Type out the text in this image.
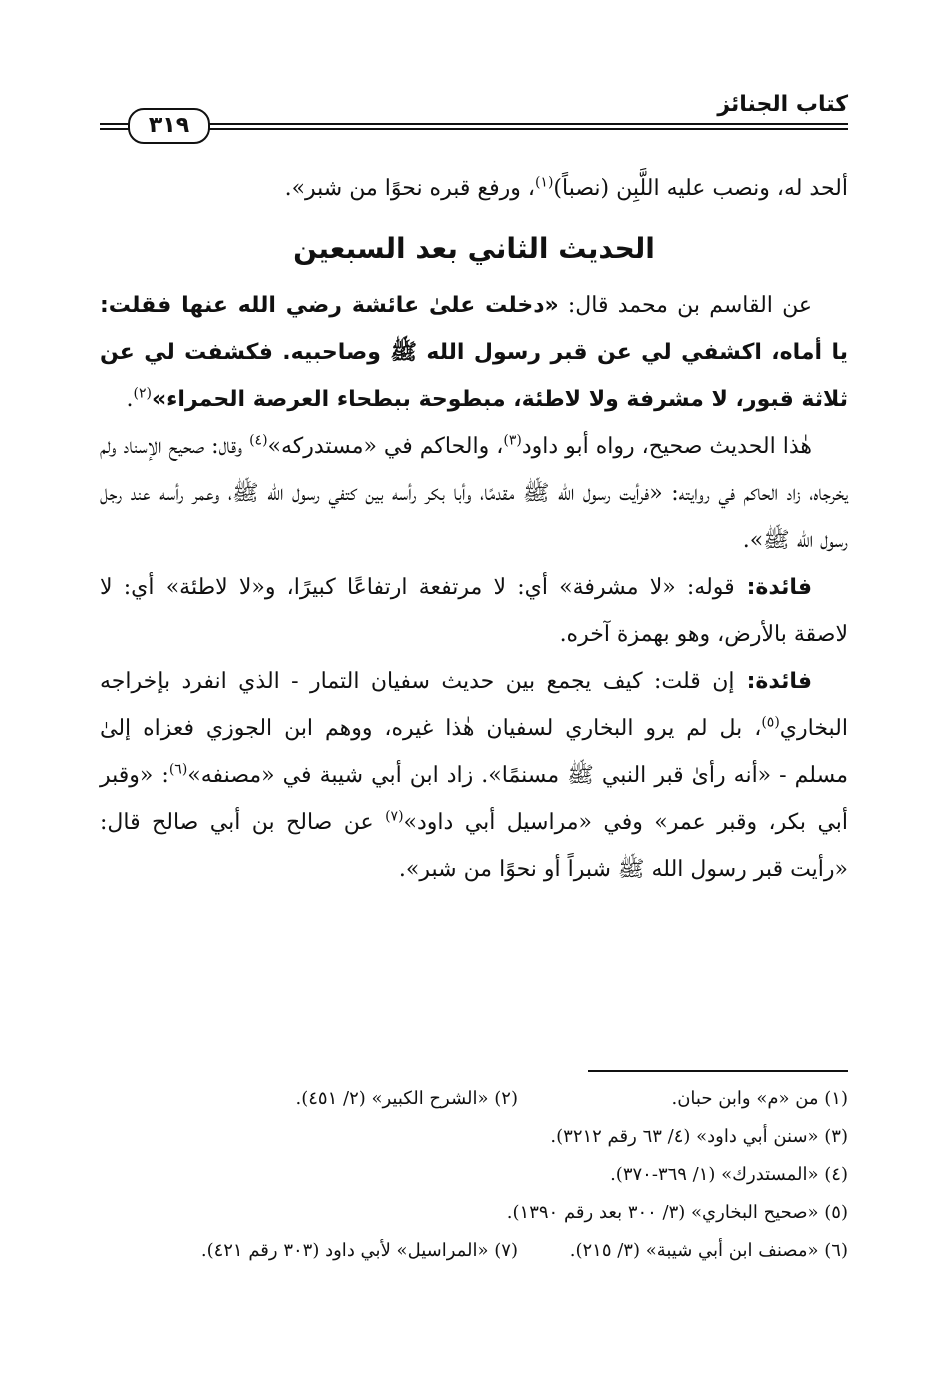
كتاب الجنائز
٣١٩

ألحد له، ونصب عليه اللَّبِن (نصباً)$^{(١)}$، ورفع قبره نحوًا من شبر».

الحديث الثاني بعد السبعين

عن القاسم بن محمد قال: «دخلت علىٰ عائشة رضي الله عنها فقلت: يا أماه، اكشفي لي عن قبر رسول الله ﷺ وصاحبيه. فكشفت لي عن ثلاثة قبور، لا مشرفة ولا لاطئة، مبطوحة ببطحاء العرصة الحمراء»$^{(٢)}$.

هٰذا الحديث صحيح، رواه أبو داود$^{(٣)}$، والحاكم في «مستدركه»$^{(٤)}$ وقال: صحيح الإسناد ولم يخرجاه، زاد الحاكم في روايته: «فرأيت رسول الله ﷺ مقدمًا، وأبا بكر رأسه بين كتفي رسول الله ﷺ، وعمر رأسه عند رجل رسول الله ﷺ».

فائدة: قوله: «لا مشرفة» أي: لا مرتفعة ارتفاعًا كبيرًا، و«لا لاطئة» أي: لا لاصقة بالأرض، وهو بهمزة آخره.

فائدة: إن قلت: كيف يجمع بين حديث سفيان التمار - الذي انفرد بإخراجه البخاري$^{(٥)}$، بل لم يرو البخاري لسفيان هٰذا غيره، ووهم ابن الجوزي فعزاه إلىٰ مسلم - «أنه رأىٰ قبر النبي ﷺ مسنمًا». زاد ابن أبي شيبة في «مصنفه»$^{(٦)}$: «وقبر أبي بكر، وقبر عمر» وفي «مراسيل أبي داود»$^{(٧)}$ عن صالح بن أبي صالح قال: «رأيت قبر رسول الله ﷺ شبراً أو نحوًا من شبر».

(١) من «م» وابن حبان.
(٢) «الشرح الكبير» (٢/ ٤٥١).
(٣) «سنن أبي داود» (٤/ ٦٣ رقم ٣٢١٢).
(٤) «المستدرك» (١/ ٣٦٩-٣٧٠).
(٥) «صحيح البخاري» (٣/ ٣٠٠ بعد رقم ١٣٩٠).
(٦) «مصنف ابن أبي شيبة» (٣/ ٢١٥).
(٧) «المراسيل» لأبي داود (٣٠٣ رقم ٤٢١).
